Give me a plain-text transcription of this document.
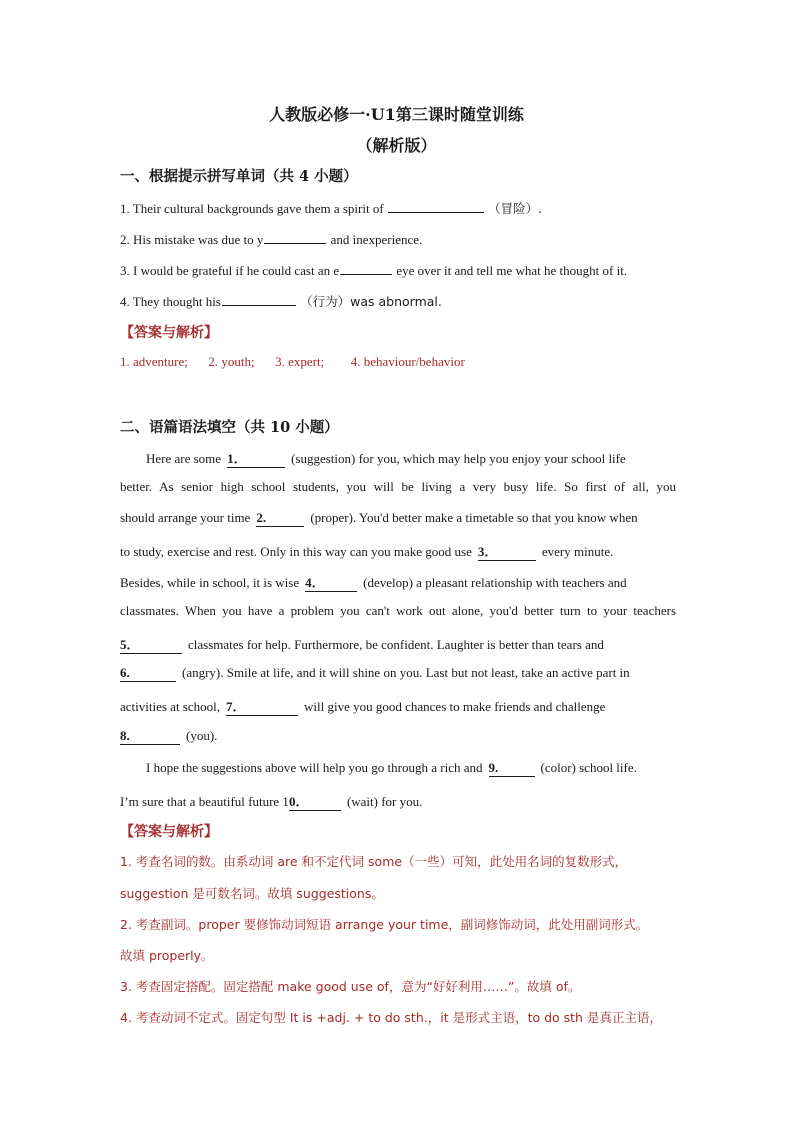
人教版必修一·U1第三课时随堂训练
（解析版）
一、根据提示拼写单词（共 4 小题）
1. Their cultural backgrounds gave them a spirit of	（冒险）.
2. His mistake was due to y	and inexperience.
3. I would be grateful if he could cast an e	eye over it and tell me what he thought of it.
4. They thought his	（行为）was abnormal.
【答案与解析】
1. adventure; 2. youth; 3. expert; 4. behaviour/behavior
二、语篇语法填空（共 10 小题）
Here are some 1．	(suggestion) for you, which may help you enjoy your school life
better. As senior high school students, you will be living a very busy life. So first of all, you
should arrange your time 2.	(proper). You'd better make a timetable so that you know when
to study, exercise and rest. Only in this way can you make good use 3．	every minute.
Besides, while in school, it is wise 4．	(develop) a pleasant relationship with teachers and
classmates. When you have a problem you can't work out alone, you'd better turn to your teachers
5．	classmates for help. Furthermore, be confident. Laughter is better than tears and
6.	(angry). Smile at life, and it will shine on you. Last but not least, take an active part in
activities at school, 7．	will give you good chances to make friends and challenge
8.	(you).
I hope the suggestions above will help you go through a rich and 9.	(color) school life.
I’m sure that a beautiful future 10．	(wait) for you.
【答案与解析】
1. 考查名词的数。由系动词 are 和不定代词 some（一些）可知，此处用名词的复数形式，
suggestion 是可数名词。故填 suggestions。
2. 考查副词。proper 要修饰动词短语 arrange your time，副词修饰动词，此处用副词形式。
故填 properly。
3. 考查固定搭配。固定搭配 make good use of，意为“好好利用……”。故填 of。
4. 考查动词不定式。固定句型 It is +adj. + to do sth.，it 是形式主语，to do sth 是真正主语，
